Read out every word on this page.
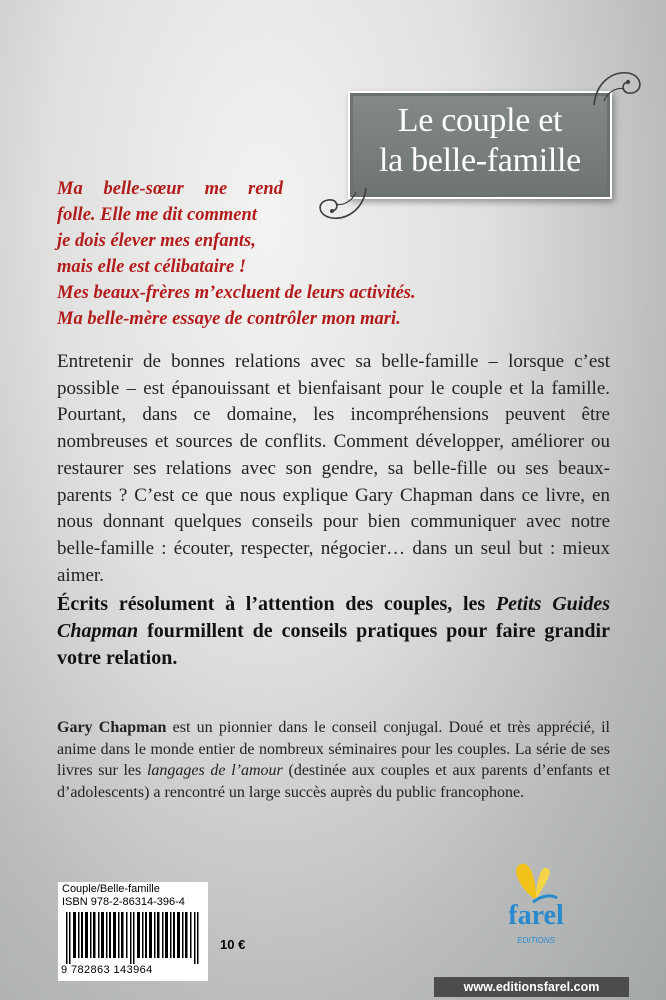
Le couple et
la belle-famille
Ma belle-sœur me rend
folle. Elle me dit comment
je dois élever mes enfants,
mais elle est célibataire !
Mes beaux-frères m’excluent de leurs activités.
Ma belle-mère essaye de contrôler mon mari.

Entretenir de bonnes relations avec sa belle-famille – lorsque c’est possible – est épanouissant et bienfaisant pour le couple et la famille. Pourtant, dans ce domaine, les incompréhensions peuvent être nombreuses et sources de conflits. Comment développer, améliorer ou restaurer ses relations avec son gendre, sa belle-fille ou ses beaux-parents ? C’est ce que nous explique Gary Chapman dans ce livre, en nous donnant quelques conseils pour bien communiquer avec notre belle-famille : écouter, respecter, négocier… dans un seul but : mieux aimer.

Écrits résolument à l’attention des couples, les Petits Guides Chapman fourmillent de conseils pratiques pour faire grandir votre relation.

Gary Chapman est un pionnier dans le conseil conjugal. Doué et très apprécié, il anime dans le monde entier de nombreux séminaires pour les couples. La série de ses livres sur les langages de l’amour (destinée aux couples et aux parents d’enfants et d’adolescents) a rencontré un large succès auprès du public francophone.

Couple/Belle-famille
ISBN 978-2-86314-396-4
9 782863 143964
10 €
farel
EDITIONS
www.editionsfarel.com
